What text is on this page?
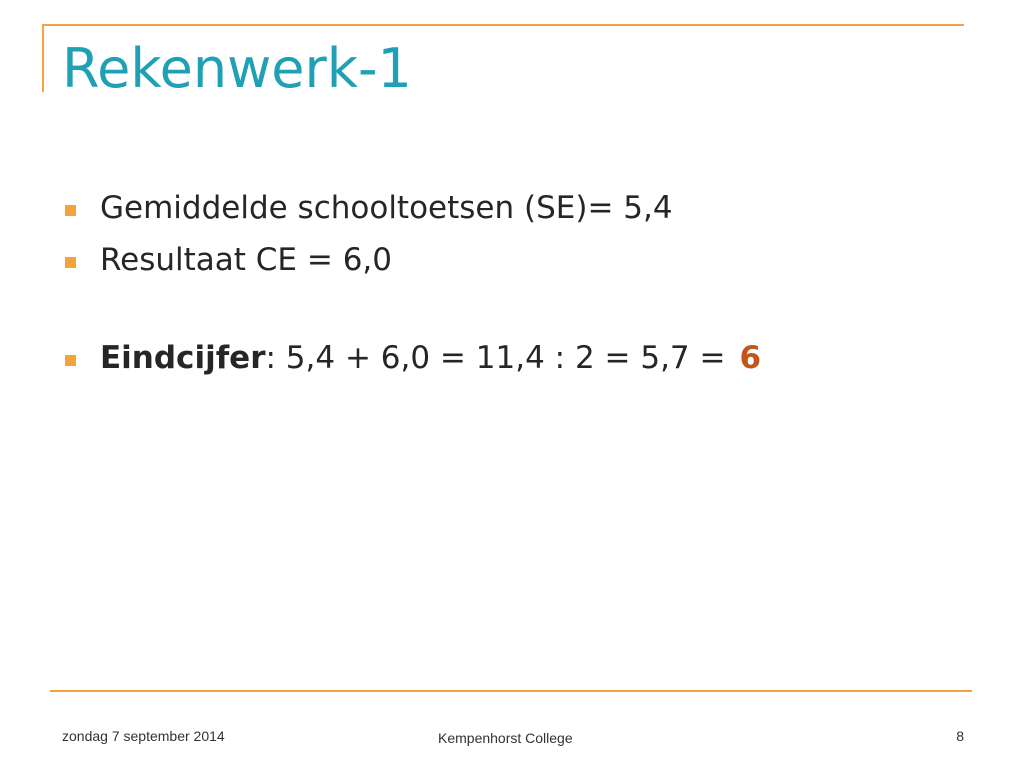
Rekenwerk-1
Gemiddelde schooltoetsen (SE)= 5,4
Resultaat CE = 6,0
Eindcijfer: 5,4 + 6,0 = 11,4 : 2 = 5,7 = 6
zondag 7 september 2014	Kempenhorst College	8
